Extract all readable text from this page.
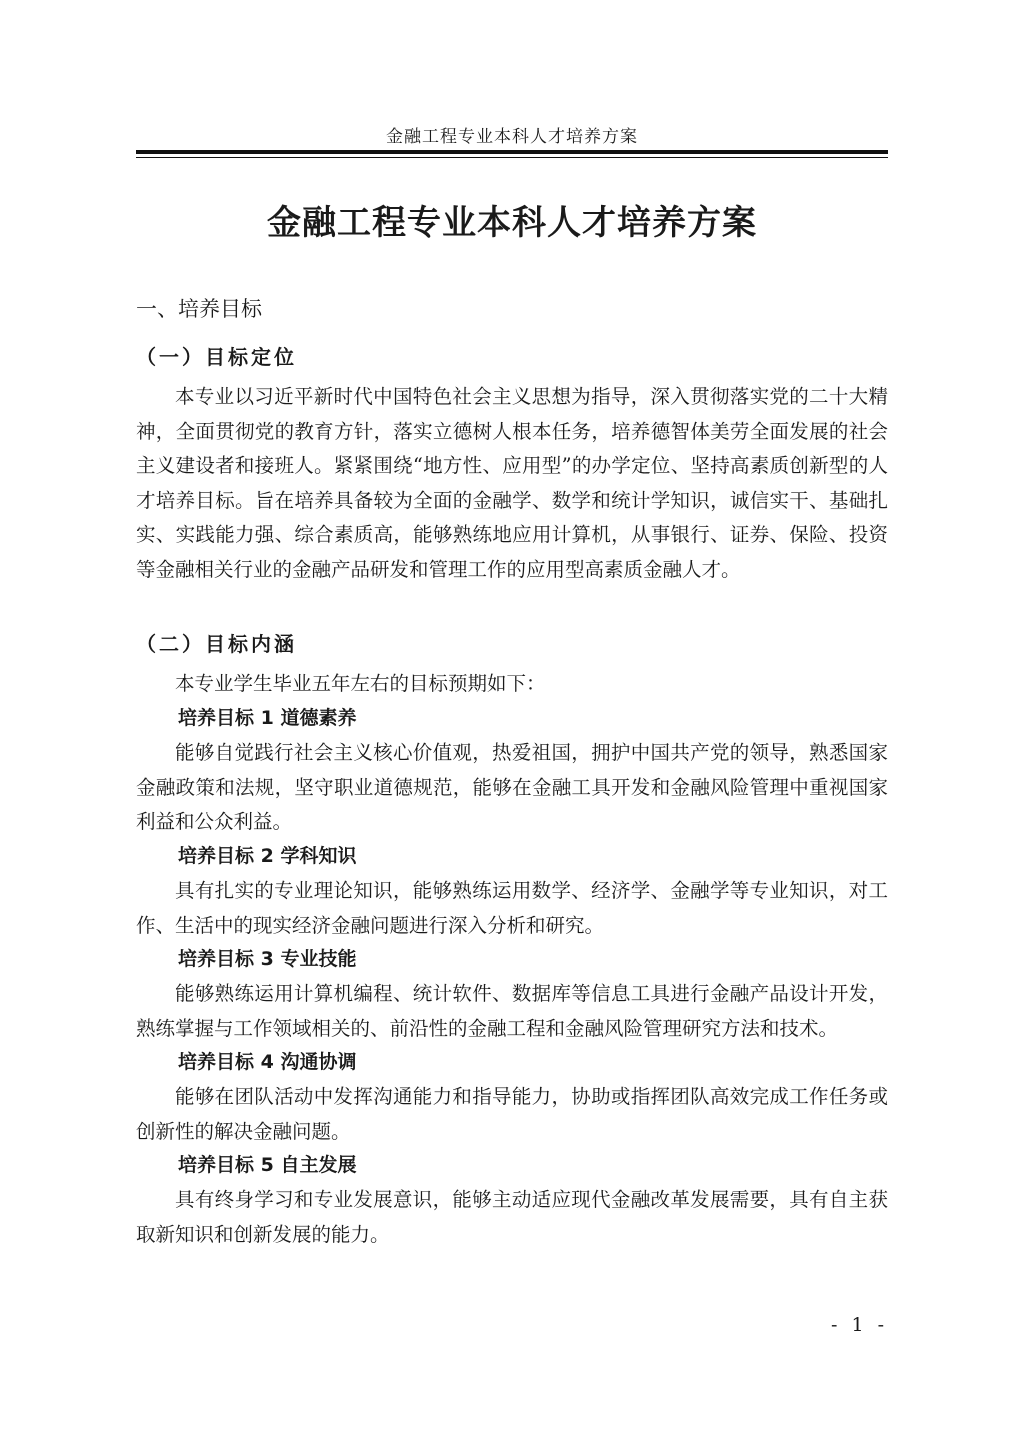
金融工程专业本科人才培养方案
金融工程专业本科人才培养方案
一、培养目标
（一）目标定位

本专业以习近平新时代中国特色社会主义思想为指导，深入贯彻落实党的二十大精神，全面贯彻党的教育方针，落实立德树人根本任务，培养德智体美劳全面发展的社会主义建设者和接班人。紧紧围绕“地方性、应用型”的办学定位、坚持高素质创新型的人才培养目标。旨在培养具备较为全面的金融学、数学和统计学知识，诚信实干、基础扎实、实践能力强、综合素质高，能够熟练地应用计算机，从事银行、证券、保险、投资等金融相关行业的金融产品研发和管理工作的应用型高素质金融人才。

（二）目标内涵

本专业学生毕业五年左右的目标预期如下：

培养目标 1 道德素养

能够自觉践行社会主义核心价值观，热爱祖国，拥护中国共产党的领导，熟悉国家金融政策和法规，坚守职业道德规范，能够在金融工具开发和金融风险管理中重视国家利益和公众利益。

培养目标 2 学科知识

具有扎实的专业理论知识，能够熟练运用数学、经济学、金融学等专业知识，对工作、生活中的现实经济金融问题进行深入分析和研究。

培养目标 3 专业技能

能够熟练运用计算机编程、统计软件、数据库等信息工具进行金融产品设计开发，熟练掌握与工作领域相关的、前沿性的金融工程和金融风险管理研究方法和技术。

培养目标 4 沟通协调

能够在团队活动中发挥沟通能力和指导能力，协助或指挥团队高效完成工作任务或创新性的解决金融问题。

培养目标 5 自主发展

具有终身学习和专业发展意识，能够主动适应现代金融改革发展需要，具有自主获取新知识和创新发展的能力。

- 1 -
